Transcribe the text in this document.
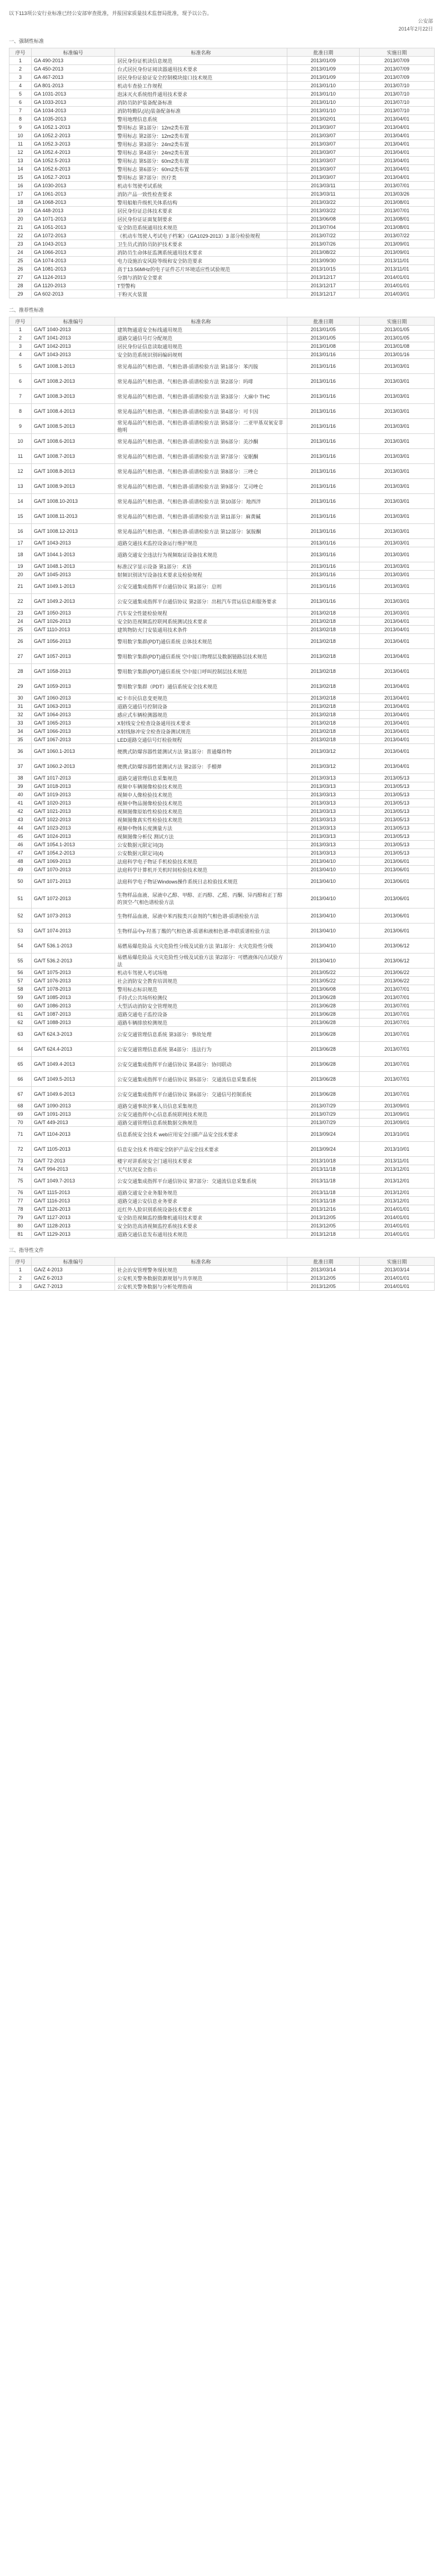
以下113项公安行业标准已经公安部审查批准，并报国家质量技术监督局批准，现予以公告。
公安部
2014年2月22日
一、强制性标准
序号	标准编号	标准名称	批准日期	实施日期
1	GA 490-2013	居民身份证机读信息规范	2013/01/09	2013/07/09
2	GA 450-2013	台式居民身份证阅读器通用技术要求	2013/01/09	2013/07/09
3	GA 467-2013	居民身份证验证安全控制模块接口技术规范	2013/01/09	2013/07/09
4	GA 801-2013	机动车查验工作规程	2013/01/10	2013/07/10
5	GA 1031-2013	泡沫灭火系统组件通用技术要求	2013/01/10	2013/07/10
6	GA 1033-2013	消防员防护装备配备标准	2013/01/10	2013/07/10
7	GA 1034-2013	消防特勤队(站)装备配备标准	2013/01/10	2013/07/10
8	GA 1035-2013	警用地理信息系统	2013/02/01	2013/04/01
9	GA 1052.1-2013	警用标志 第1部分：12m2类布置	2013/03/07	2013/04/01
10	GA 1052.2-2013	警用标志 第2部分：12m2类布置	2013/03/07	2013/04/01
11	GA 1052.3-2013	警用标志 第3部分：24m2类布置	2013/03/07	2013/04/01
12	GA 1052.4-2013	警用标志 第4部分：24m2类布置	2013/03/07	2013/04/01
13	GA 1052.5-2013	警用标志 第5部分：60m2类布置	2013/03/07	2013/04/01
14	GA 1052.6-2013	警用标志 第6部分：60m2类布置	2013/03/07	2013/04/01
15	GA 1052.7-2013	警用标志 第7部分：医疗类	2013/03/07	2013/04/01
16	GA 1030-2013	机动车驾驶考试系统	2013/03/11	2013/07/01
17	GA 1061-2013	消防产品一致性检查要求	2013/03/11	2013/03/26
18	GA 1068-2013	警用船舶升级机关体系结构	2013/03/22	2013/08/01
19	GA 448-2013	居民身份证总体技术要求	2013/03/22	2013/07/01
20	GA 1071-2013	居民身份证证面复制要求	2013/06/08	2013/08/01
21	GA 1051-2013	安全防范系统通用技术规范	2013/07/04	2013/08/01
22	GA 1072-2013	《机动车驾驶人考试电子档案》（GA1029-2013）3 部分检验规程	2013/07/22	2013/07/22
23	GA 1043-2013	卫生员式消防员防护技术要求	2013/07/26	2013/09/01
24	GA 1066-2013	消防员生命体征监测系统通用技术要求	2013/08/22	2013/09/01
25	GA 1074-2013	电力设施治安风险等级和安全防范要求	2013/09/30	2013/11/01
26	GA 1081-2013	高于13.56MHz的电子证件芯片环境适应性试验规范	2013/10/15	2013/11/01
27	GA 1124-2013	分割与消防安全要求	2013/12/17	2014/01/01
28	GA 1120-2013	T型警构	2013/12/17	2014/01/01
29	GA 602-2013	干粉灭火装置	2013/12/17	2014/03/01
二、推荐性标准
序号	标准编号	标准名称	批准日期	实施日期
1	GA/T 1040-2013	建筑物通道安全标线通用规范	2013/01/05	2013/01/05
2	GA/T 1041-2013	道路交通信号灯分配规范	2013/01/05	2013/01/05
3	GA/T 1042-2013	居民身份证信息读取通用规范	2013/01/08	2013/01/08
4	GA/T 1043-2013	安全防范系统识别码编码规则	2013/01/16	2013/01/16
5	GA/T 1008.1-2013	常见毒品的气相色谱、气相色谱-质谱检验方法 第1部分：苯丙胺	2013/01/16	2013/03/01
6	GA/T 1008.2-2013	常见毒品的气相色谱、气相色谱-质谱检验方法 第2部分：吗啡	2013/01/16	2013/03/01
7	GA/T 1008.3-2013	常见毒品的气相色谱、气相色谱-质谱检验方法 第3部分：大麻中 THC	2013/01/16	2013/03/01
8	GA/T 1008.4-2013	常见毒品的气相色谱、气相色谱-质谱检验方法 第4部分：可卡因	2013/01/16	2013/03/01
9	GA/T 1008.5-2013	常见毒品的气相色谱、气相色谱-质谱检验方法 第5部分：二亚甲基双氧安非他明	2013/01/16	2013/03/01
10	GA/T 1008.6-2013	常见毒品的气相色谱、气相色谱-质谱检验方法 第6部分：美沙酮	2013/01/16	2013/03/01
11	GA/T 1008.7-2013	常见毒品的气相色谱、气相色谱-质谱检验方法 第7部分：安眠酮	2013/01/16	2013/03/01
12	GA/T 1008.8-2013	常见毒品的气相色谱、气相色谱-质谱检验方法 第8部分：三唑仑	2013/01/16	2013/03/01
13	GA/T 1008.9-2013	常见毒品的气相色谱、气相色谱-质谱检验方法 第9部分：艾司唑仑	2013/01/16	2013/03/01
14	GA/T 1008.10-2013	常见毒品的气相色谱、气相色谱-质谱检验方法 第10部分：地西泮	2013/01/16	2013/03/01
15	GA/T 1008.11-2013	常见毒品的气相色谱、气相色谱-质谱检验方法 第11部分：麻黄碱	2013/01/16	2013/03/01
16	GA/T 1008.12-2013	常见毒品的气相色谱、气相色谱-质谱检验方法 第12部分：氯胺酮	2013/01/16	2013/03/01
17	GA/T 1043-2013	道路交通技术监控设备运行维护规范	2013/01/16	2013/03/01
18	GA/T 1044.1-2013	道路交通安全违法行为视频取证设备技术规范	2013/01/16	2013/03/01
19	GA/T 1048.1-2013	标准汉字显示设备 第1部分：术语	2013/01/16	2013/03/01
20	GA/T 1045-2013	射频识别读写设备技术要求及检验规程	2013/01/16	2013/03/01
21	GA/T 1049.1-2013	公安交通集成指挥平台通信协议 第1部分：总则	2013/01/16	2013/03/01
22	GA/T 1049.2-2013	公安交通集成指挥平台通信协议 第2部分：出租汽车营运信息和服务要求	2013/01/16	2013/03/01
23	GA/T 1050-2013	汽车安全性能检验规程	2013/02/18	2013/03/01
24	GA/T 1026-2013	安全防范视频监控联网系统测试技术要求	2013/02/18	2013/04/01
25	GA/T 1110-2013	建筑物防火门安装通用技术条件	2013/02/18	2013/04/01
26	GA/T 1056-2013	警用数字集群(PDT)通信系统 总体技术规范	2013/02/18	2013/04/01
27	GA/T 1057-2013	警用数字集群(PDT)通信系统 空中接口物理层及数据链路层技术规范	2013/02/18	2013/04/01
28	GA/T 1058-2013	警用数字集群(PDT)通信系统 空中接口呼叫控制层技术规范	2013/02/18	2013/04/01
29	GA/T 1059-2013	警用数字集群（PDT）通信系统安全技术规范	2013/02/18	2013/04/01
30	GA/T 1060-2013	IC卡市民信息变更规范	2013/02/18	2013/04/01
31	GA/T 1063-2013	道路交通信号控制设备	2013/02/18	2013/04/01
32	GA/T 1064-2013	感应式车辆检测器规范	2013/02/18	2013/04/01
33	GA/T 1065-2013	X射线安全检查设备通用技术要求	2013/02/18	2013/04/01
34	GA/T 1066-2013	X射线脉冲安全检查设备测试规范	2013/02/18	2013/04/01
35	GA/T 1067-2013	LED道路交通信号灯检验规程	2013/02/18	2013/04/01
36	GA/T 1060.1-2013	便携式防爆容器性能测试方法 第1部分：普通爆炸物	2013/03/12	2013/04/01
37	GA/T 1060.2-2013	便携式防爆容器性能测试方法 第2部分：手榴弹	2013/03/12	2013/04/01
38	GA/T 1017-2013	道路交通管理信息采集规范	2013/03/13	2013/05/13
39	GA/T 1018-2013	视频中车辆图像检验技术规范	2013/03/13	2013/05/13
40	GA/T 1019-2013	视频中人像检验技术规范	2013/03/13	2013/05/13
41	GA/T 1020-2013	视频中物品图像检验技术规范	2013/03/13	2013/05/13
42	GA/T 1021-2013	视频图像原始性检验技术规范	2013/03/13	2013/05/13
43	GA/T 1022-2013	视频图像真实性检验技术规范	2013/03/13	2013/05/13
44	GA/T 1023-2013	视频中物体长度测量方法	2013/03/13	2013/05/13
45	GA/T 1024-2013	视频图像分析仪 测试方法	2013/03/13	2013/05/13
46	GA/T 1054.1-2013	公安数据元限定词(3)	2013/03/13	2013/05/13
47	GA/T 1054.2-2013	公安数据元限定词(4)	2013/03/13	2013/05/13
48	GA/T 1069-2013	法庭科学电子物证手机检验技术规范	2013/04/10	2013/06/01
49	GA/T 1070-2013	法庭科学计算机开关机时间检验技术规范	2013/04/10	2013/06/01
50	GA/T 1071-2013	法庭科学电子物证Windows操作系统日志检验技术规范	2013/04/10	2013/06/01
51	GA/T 1072-2013	生物样品血液、尿液中乙醇、甲醇、正丙醇、乙醛、丙酮、异丙醇和正丁醇的顶空-气相色谱检验方法	2013/04/10	2013/06/01
52	GA/T 1073-2013	生物样品血液、尿液中苯丙胺类兴奋剂的气相色谱-质谱检验方法	2013/04/10	2013/06/01
53	GA/T 1074-2013	生物样品中γ-羟基丁酸的气相色谱-质谱和液相色谱-串联质谱检验方法	2013/04/10	2013/06/01
54	GA/T 536.1-2013	易燃易爆危险品 火灾危险性分级及试验方法 第1部分：火灾危险性分级	2013/04/10	2013/06/12
55	GA/T 536.2-2013	易燃易爆危险品 火灾危险性分级及试验方法 第2部分：可燃液体闪点试验方法	2013/04/10	2013/06/12
56	GA/T 1075-2013	机动车驾驶人考试场地	2013/05/22	2013/06/22
57	GA/T 1076-2013	社会消防安全教育培训规范	2013/05/22	2013/06/22
58	GA/T 1078-2013	警用标志标识规范	2013/06/08	2013/07/01
59	GA/T 1085-2013	手持式公共场所检测仪	2013/06/28	2013/07/01
60	GA/T 1086-2013	大型活动消防安全管理规范	2013/06/28	2013/07/01
61	GA/T 1087-2013	道路交通电子监控设备	2013/06/28	2013/07/01
62	GA/T 1088-2013	道路车辆排放检测规范	2013/06/28	2013/07/01
63	GA/T 624.3-2013	公安交通管理信息系统 第3部分：事故处理	2013/06/28	2013/07/01
64	GA/T 624.4-2013	公安交通管理信息系统 第4部分：违法行为	2013/06/28	2013/07/01
65	GA/T 1049.4-2013	公安交通集成指挥平台通信协议 第4部分：协同联动	2013/06/28	2013/07/01
66	GA/T 1049.5-2013	公安交通集成指挥平台通信协议 第5部分：交通流信息采集系统	2013/06/28	2013/07/01
67	GA/T 1049.6-2013	公安交通集成指挥平台通信协议 第6部分：交通信号控制系统	2013/06/28	2013/07/01
68	GA/T 1090-2013	道路交通事故涉案人员信息采集规范	2013/07/29	2013/09/01
69	GA/T 1091-2013	公安交通指挥中心信息系统联网技术规范	2013/07/29	2013/09/01
70	GA/T 449-2013	道路交通管理信息系统数据交换规范	2013/07/29	2013/09/01
71	GA/T 1104-2013	信息系统安全技术 web应用安全扫描产品安全技术要求	2013/09/24	2013/10/01
72	GA/T 1105-2013	信息安全技术 终端安全防护产品安全技术要求	2013/09/24	2013/10/01
73	GA/T 72-2013	楼宇对讲系统安全门通用技术要求	2013/10/18	2013/11/01
74	GA/T 994-2013	天气状况安全指示	2013/11/18	2013/12/01
75	GA/T 1049.7-2013	公安交通集成指挥平台通信协议 第7部分：交通流信息采集系统	2013/11/18	2013/12/01
76	GA/T 1115-2013	道路交通安全业务服务规范	2013/11/18	2013/12/01
77	GA/T 1116-2013	道路交通公安信息业务要求	2013/11/18	2013/12/01
78	GA/T 1126-2013	近红外人脸识别系统设备技术要求	2013/12/16	2014/01/01
79	GA/T 1127-2013	安全防范视频监控摄像机通用技术要求	2013/12/05	2014/01/01
80	GA/T 1128-2013	安全防范高清视频监控系统技术要求	2013/12/05	2014/01/01
81	GA/T 1129-2013	道路交通信息发布通用技术规范	2013/12/18	2014/01/01
三、指导性文件
序号	标准编号	标准名称	批准日期	实施日期
1	GA/Z 4-2013	社会治安管理警务现状规范	2013/03/14	2013/03/14
2	GA/Z 6-2013	公安机关警务数据资源规划与共享规范	2013/12/05	2014/01/01
3	GA/Z 7-2013	公安机关警务数据与分析处理指南	2013/12/05	2014/01/01
